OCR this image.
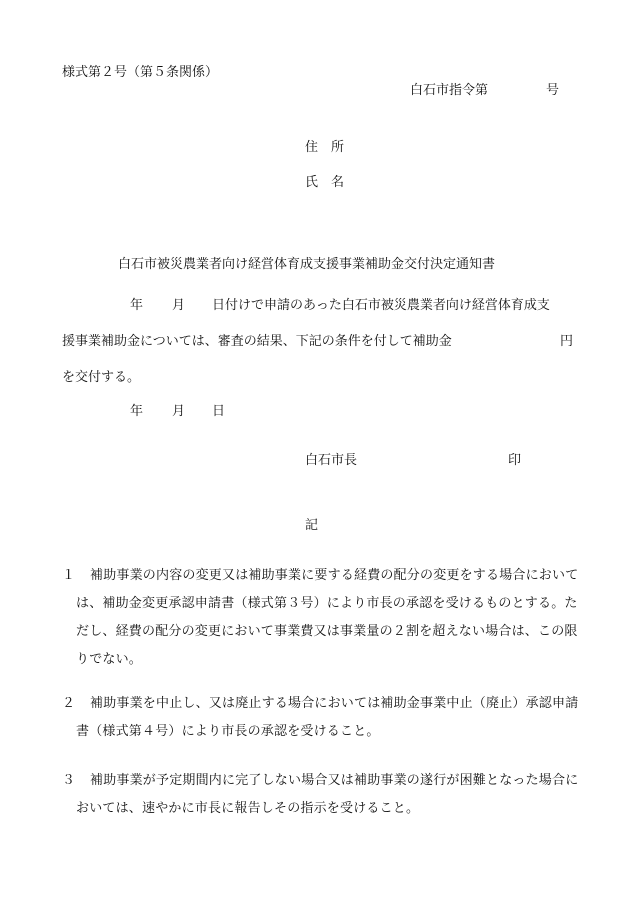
様式第２号（第５条関係）
白石市指令第	号
住　所
氏　名
白石市被災農業者向け経営体育成支援事業補助金交付決定通知書
年 月 日付けで申請のあった白石市被災農業者向け経営体育成支
援事業補助金については、審査の結果、下記の条件を付して補助金	円
を交付する。
年 月 日
白石市長	印
記
１	補助事業の内容の変更又は補助事業に要する経費の配分の変更をする場合においては、補助金変更承認申請書（様式第３号）により市長の承認を受けるものとする。ただし、経費の配分の変更において事業費又は事業量の２割を超えない場合は、この限りでない。
２	補助事業を中止し、又は廃止する場合においては補助金事業中止（廃止）承認申請書（様式第４号）により市長の承認を受けること。
３	補助事業が予定期間内に完了しない場合又は補助事業の遂行が困難となった場合においては、速やかに市長に報告しその指示を受けること。
